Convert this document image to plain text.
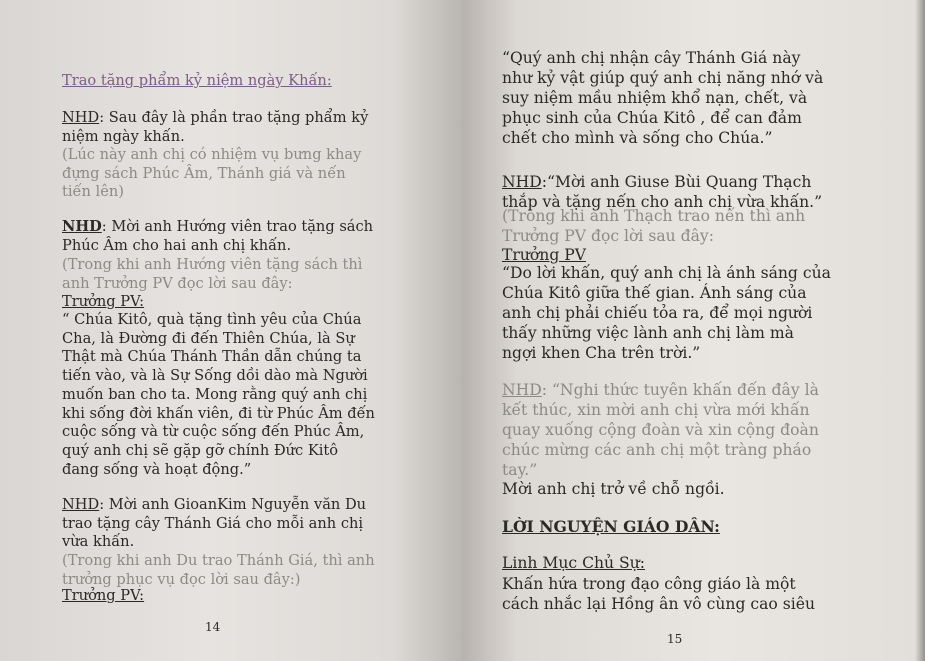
Trao tặng phẩm kỷ niệm ngày Khấn:

NHD: Sau đây là phần trao tặng phẩm kỷ niệm ngày khấn.

(Lúc này anh chị có nhiệm vụ bưng khay đựng sách Phúc Âm, Thánh giá và nến tiến lên)

NHD: Mời anh Hướng viên trao tặng sách Phúc Âm cho hai anh chị khấn.

(Trong khi anh Hướng viên tặng sách thì anh Trưởng PV đọc lời sau đây:

Trưởng PV:

“ Chúa Kitô, quà tặng tình yêu của Chúa Cha, là Đường đi đến Thiên Chúa, là Sự Thật mà Chúa Thánh Thần dẫn chúng ta tiến vào, và là Sự Sống dồi dào mà Người muốn ban cho ta. Mong rằng quý anh chị khi sống đời khấn viên, đi từ Phúc Âm đến cuộc sống và từ cuộc sống đến Phúc Âm, quý anh chị sẽ gặp gỡ chính Đức Kitô đang sống và hoạt động.”

NHD: Mời anh GioanKim Nguyễn văn Du trao tặng cây Thánh Giá cho mỗi anh chị vừa khấn.

(Trong khi anh Du trao Thánh Giá, thì anh trưởng phục vụ đọc lời sau đây:)

Trưởng PV:

14

“Quý anh chị nhận cây Thánh Giá này như kỷ vật giúp quý anh chị năng nhớ và suy niệm mầu nhiệm khổ nạn, chết, và phục sinh của Chúa Kitô , để can đảm chết cho mình và sống cho Chúa.”

NHD:“Mời anh Giuse Bùi Quang Thạch thắp và tặng nến cho anh chị vừa khấn.”

(Trong khi anh Thạch trao nến thì anh Trưởng PV đọc lời sau đây:

Trưởng PV

“Do lời khấn, quý anh chị là ánh sáng của Chúa Kitô giữa thế gian. Ánh sáng của anh chị phải chiếu tỏa ra, để mọi người thấy những việc lành anh chị làm mà ngợi khen Cha trên trời.”

NHD: “Nghi thức tuyên khấn đến đây là kết thúc, xin mời anh chị vừa mới khấn quay xuống cộng đoàn và xin cộng đoàn chúc mừng các anh chị một tràng pháo tay.”

Mời anh chị trở về chỗ ngồi.

LỜI NGUYỆN GIÁO DÂN:

Linh Mục Chủ Sự:

Khấn hứa trong đạo công giáo là một cách nhắc lại Hồng ân vô cùng cao siêu

15
